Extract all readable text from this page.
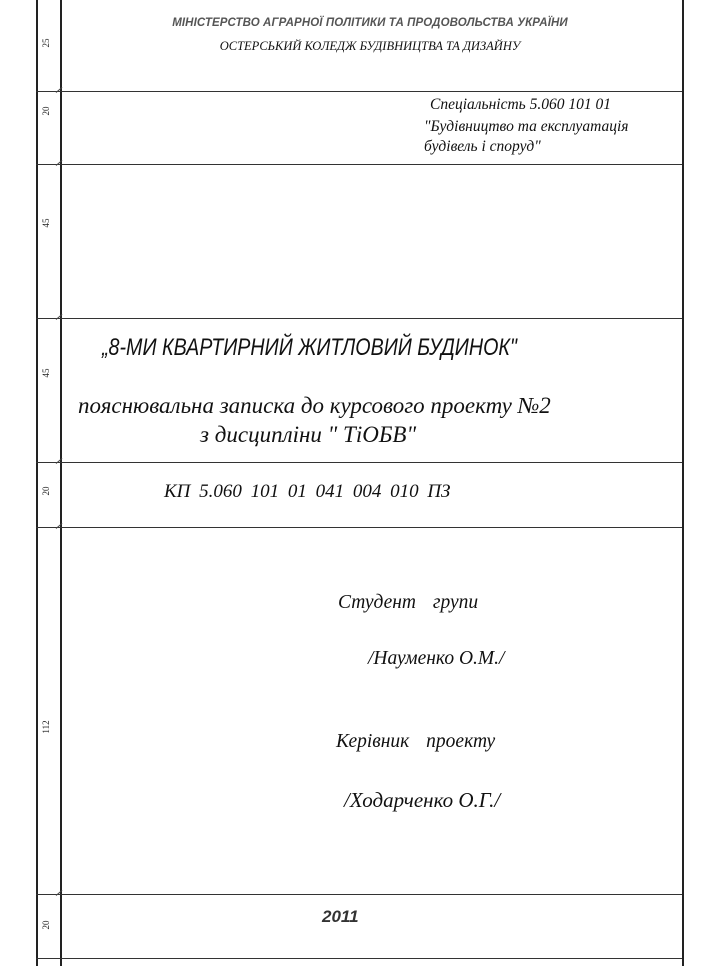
25
20
45
45
20
112
20
МІНІСТЕРСТВО АГРАРНОЇ ПОЛІТИКИ ТА ПРОДОВОЛЬСТВА УКРАЇНИ
ОСТЕРСЬКИЙ КОЛЕДЖ БУДІВНИЦТВА ТА ДИЗАЙНУ
Спеціальність 5.060 101 01
"Будівництво та експлуатація
будівель і споруд"
„8-МИ КВАРТИРНИЙ ЖИТЛОВИЙ БУДИНОК"
пояснювальна записка до курсового проекту №2
з дисципліни " ТіОБВ"
КП 5.060 101 01 041 004 010 ПЗ
Студент групи
/Науменко О.М./
Керівник проекту
/Ходарченко О.Г./
2011
